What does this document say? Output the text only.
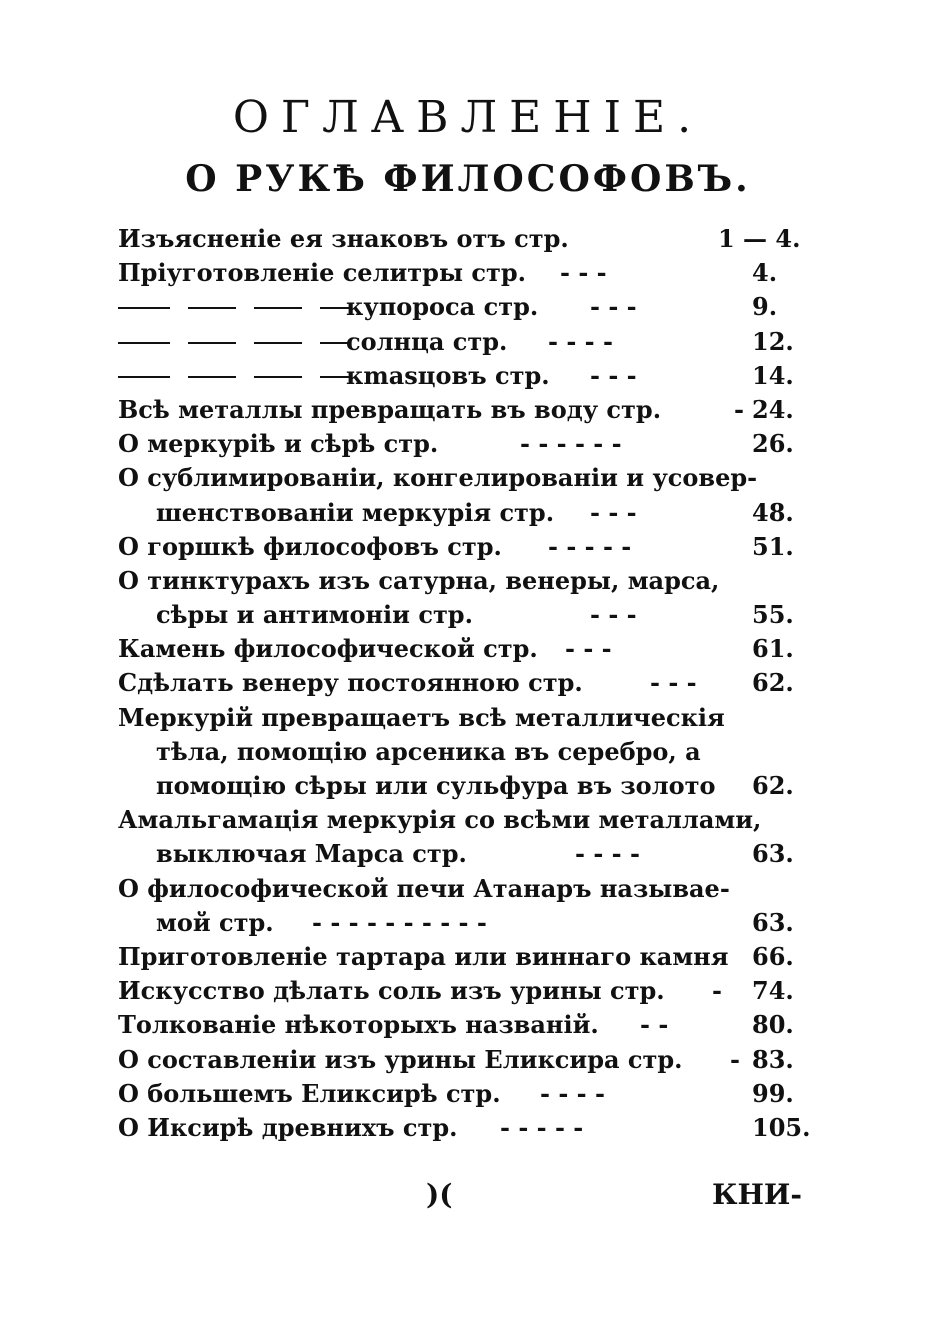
ОГЛАВЛЕНІЕ.
О РУКѢ ФИЛОСОФОВЪ.
Изъясненіе ея знаковъ отъ стр.	1 — 4.
Пріуготовленіе селитры стр. - - -	4.
купороса стр. - - -	9.
солнца стр. - - - -	12.
кmasцовъ стр. - - -	14.
Всѣ металлы превращать въ воду стр.	- 24.
О меркуріѣ и сѣрѣ стр.	- - - - - -	26.
О сублимированіи, конгелированіи и усовер-
шенствованіи меркурія стр. - - -	48.
О горшкѣ философовъ стр. - - - - -	51.
О тинктурахъ изъ сатурна, венеры, марса,
сѣры и антимоніи стр.	- - -	55.
Камень философической стр. - - -	61.
Сдѣлать венеру постоянною стр.	- - - 62.
Меркурій превращаетъ всѣ металлическія
тѣла, помощію арсеника въ серебро, а
помощію сѣры или сульфура въ золото 62.
Амальгамація меркурія со всѣми металлами,
выключая Марса стр.	- - - -	63.
О философической печи Атанаръ называе-
мой стр. - - - - - - - - - -	63.
Приготовленіе тартара или виннаго камня 66.
Искусство дѣлать соль изъ урины стр. - 74.
Толкованіе нѣкоторыхъ названій. - -	80.
О составленіи изъ урины Еликсира стр. - 83.
О большемъ Еликсирѣ стр. - - - -	99.
О Иксирѣ древнихъ стр. - - - - -	105.
)(	КНИ-
